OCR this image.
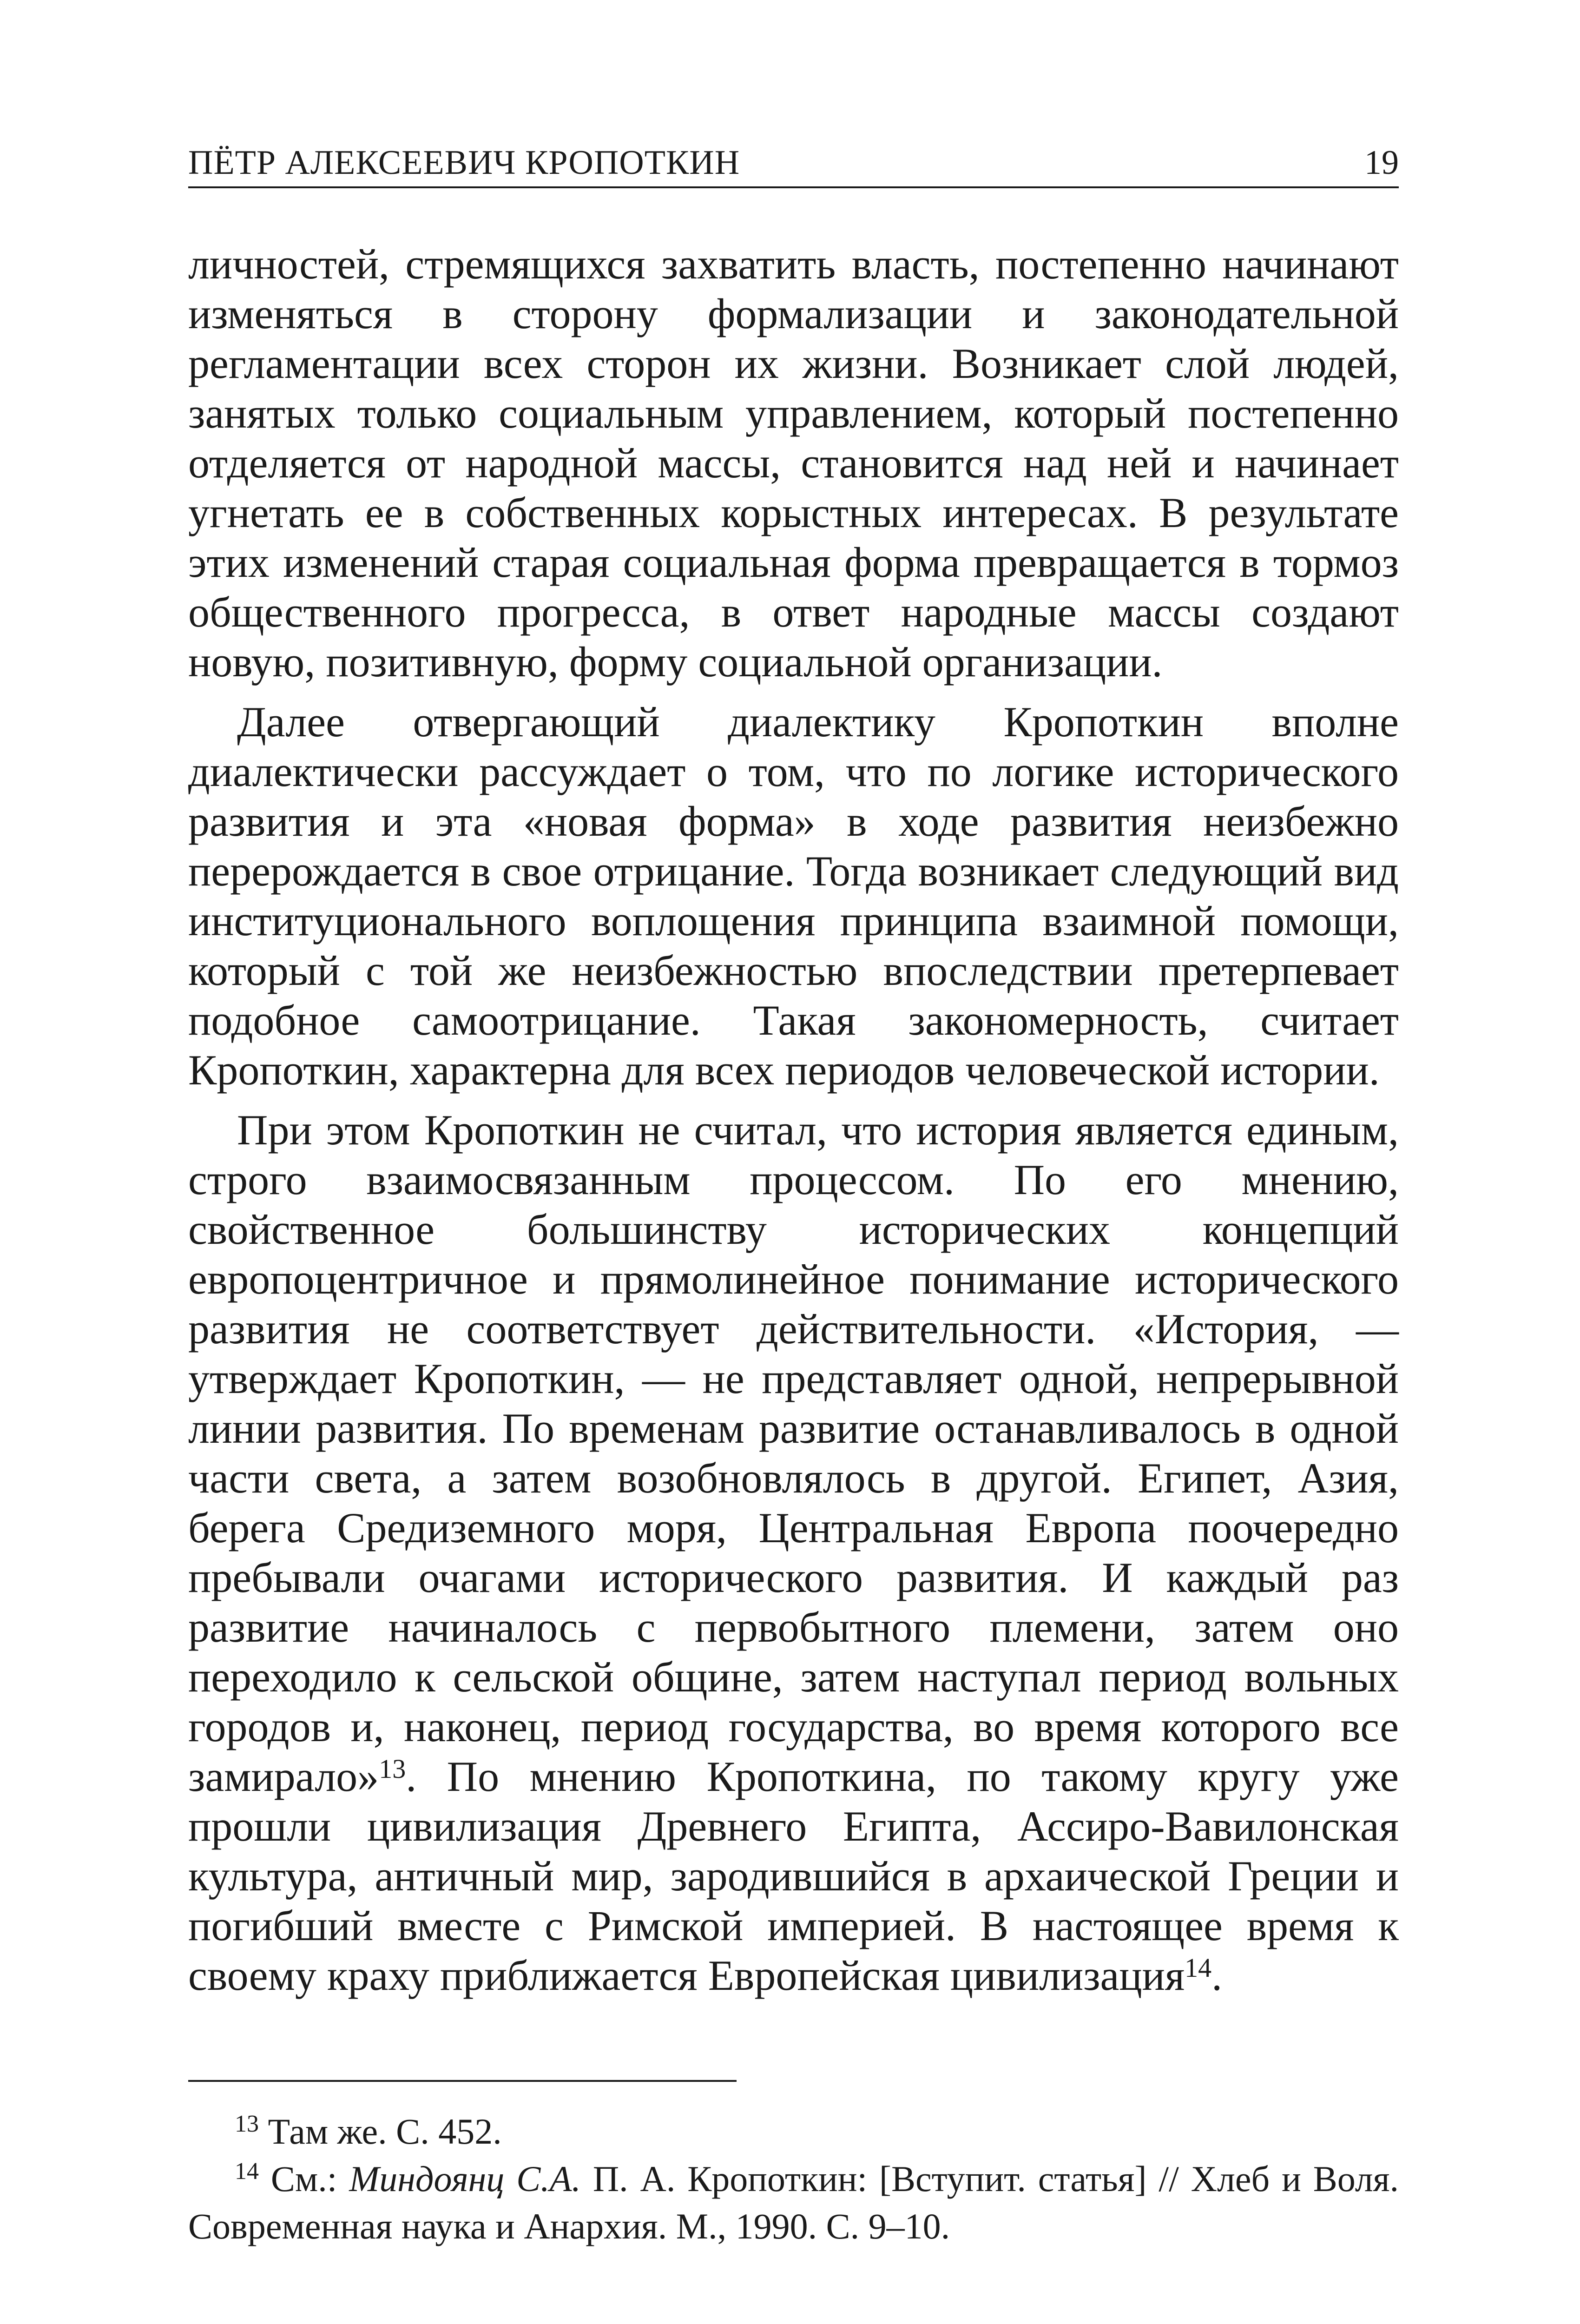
ПЁТР АЛЕКСЕЕВИЧ КРОПОТКИН	19

личностей, стремящихся захватить власть, постепенно начинают изменяться в сторону формализации и законодательной регламентации всех сторон их жизни. Возникает слой людей, занятых только социальным управлением, который постепенно отделяется от народной массы, становится над ней и начинает угнетать ее в собственных корыстных интересах. В результате этих изменений старая социальная форма превращается в тормоз общественного прогресса, в ответ народные массы создают новую, позитивную, форму социальной организации.

Далее отвергающий диалектику Кропоткин вполне диалектически рассуждает о том, что по логике исторического развития и эта «новая форма» в ходе развития неизбежно перерождается в свое отрицание. Тогда возникает следующий вид институционального воплощения принципа взаимной помощи, который с той же неизбежностью впоследствии претерпевает подобное самоотрицание. Такая закономерность, считает Кропоткин, характерна для всех периодов человеческой истории.

При этом Кропоткин не считал, что история является единым, строго взаимосвязанным процессом. По его мнению, свойственное большинству исторических концепций европоцентричное и прямолинейное понимание исторического развития не соответствует действительности. «История, — утверждает Кропоткин, — не представляет одной, непрерывной линии развития. По временам развитие останавливалось в одной части света, а затем возобновлялось в другой. Египет, Азия, берега Средиземного моря, Центральная Европа поочередно пребывали очагами исторического развития. И каждый раз развитие начиналось с первобытного племени, затем оно переходило к сельской общине, затем наступал период вольных городов и, наконец, период государства, во время которого все замирало»$^{13}$. По мнению Кропоткина, по такому кругу уже прошли цивилизация Древнего Египта, Ассиро-Вавилонская культура, античный мир, зародившийся в архаической Греции и погибший вместе с Римской империей. В настоящее время к своему краху приближается Европейская цивилизация$^{14}$.

$^{13}$ Там же. С. 452.

$^{14}$ См.: Миндоянц С.А. П. А. Кропоткин: [Вступит. статья] // Хлеб и Воля. Современная наука и Анархия. М., 1990. С. 9–10.
